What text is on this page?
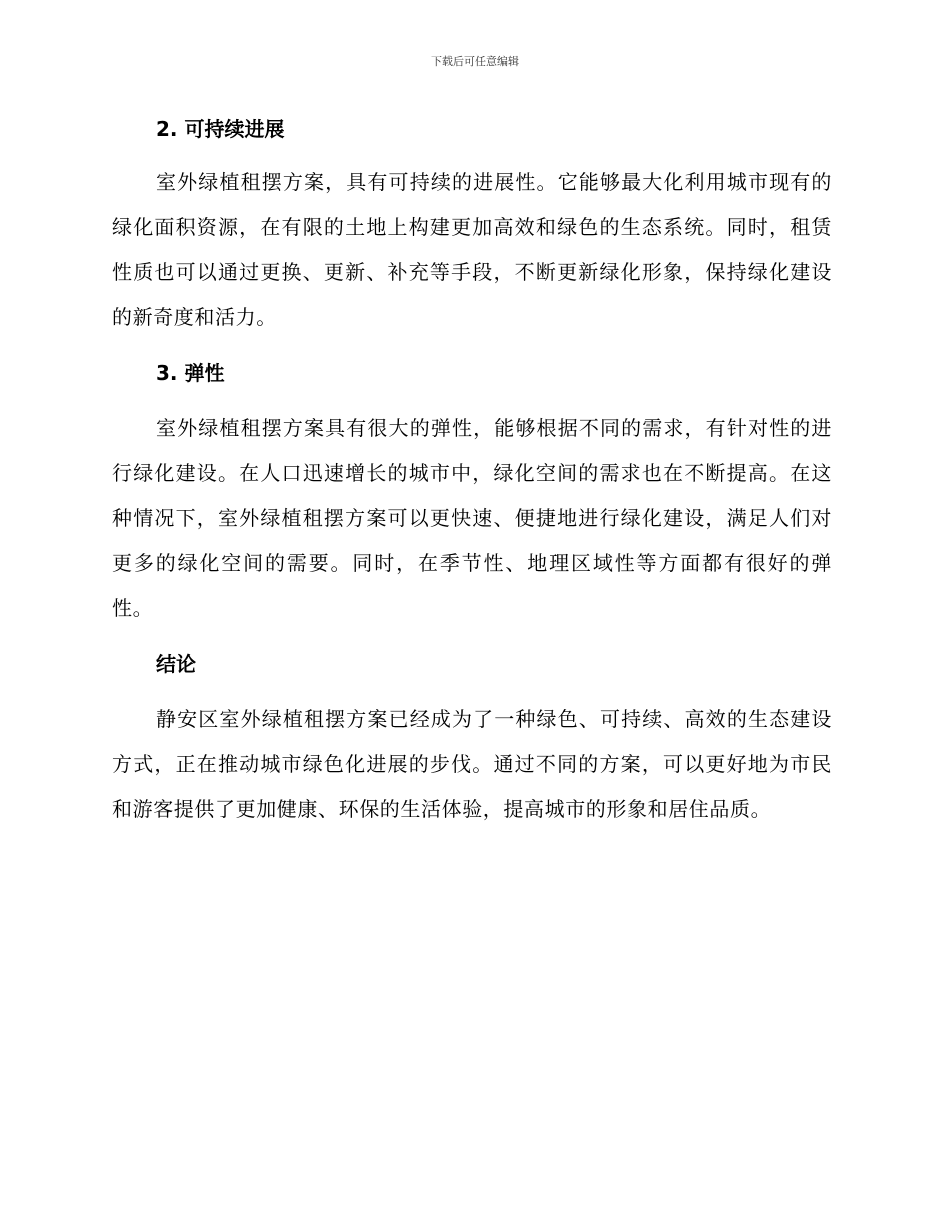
下载后可任意编辑
2. 可持续进展

室外绿植租摆方案，具有可持续的进展性。它能够最大化利用城市现有的绿化面积资源，在有限的土地上构建更加高效和绿色的生态系统。同时，租赁性质也可以通过更换、更新、补充等手段，不断更新绿化形象，保持绿化建设的新奇度和活力。

3. 弹性

室外绿植租摆方案具有很大的弹性，能够根据不同的需求，有针对性的进行绿化建设。在人口迅速增长的城市中，绿化空间的需求也在不断提高。在这种情况下，室外绿植租摆方案可以更快速、便捷地进行绿化建设，满足人们对更多的绿化空间的需要。同时，在季节性、地理区域性等方面都有很好的弹性。

结论

静安区室外绿植租摆方案已经成为了一种绿色、可持续、高效的生态建设方式，正在推动城市绿色化进展的步伐。通过不同的方案，可以更好地为市民和游客提供了更加健康、环保的生活体验，提高城市的形象和居住品质。
